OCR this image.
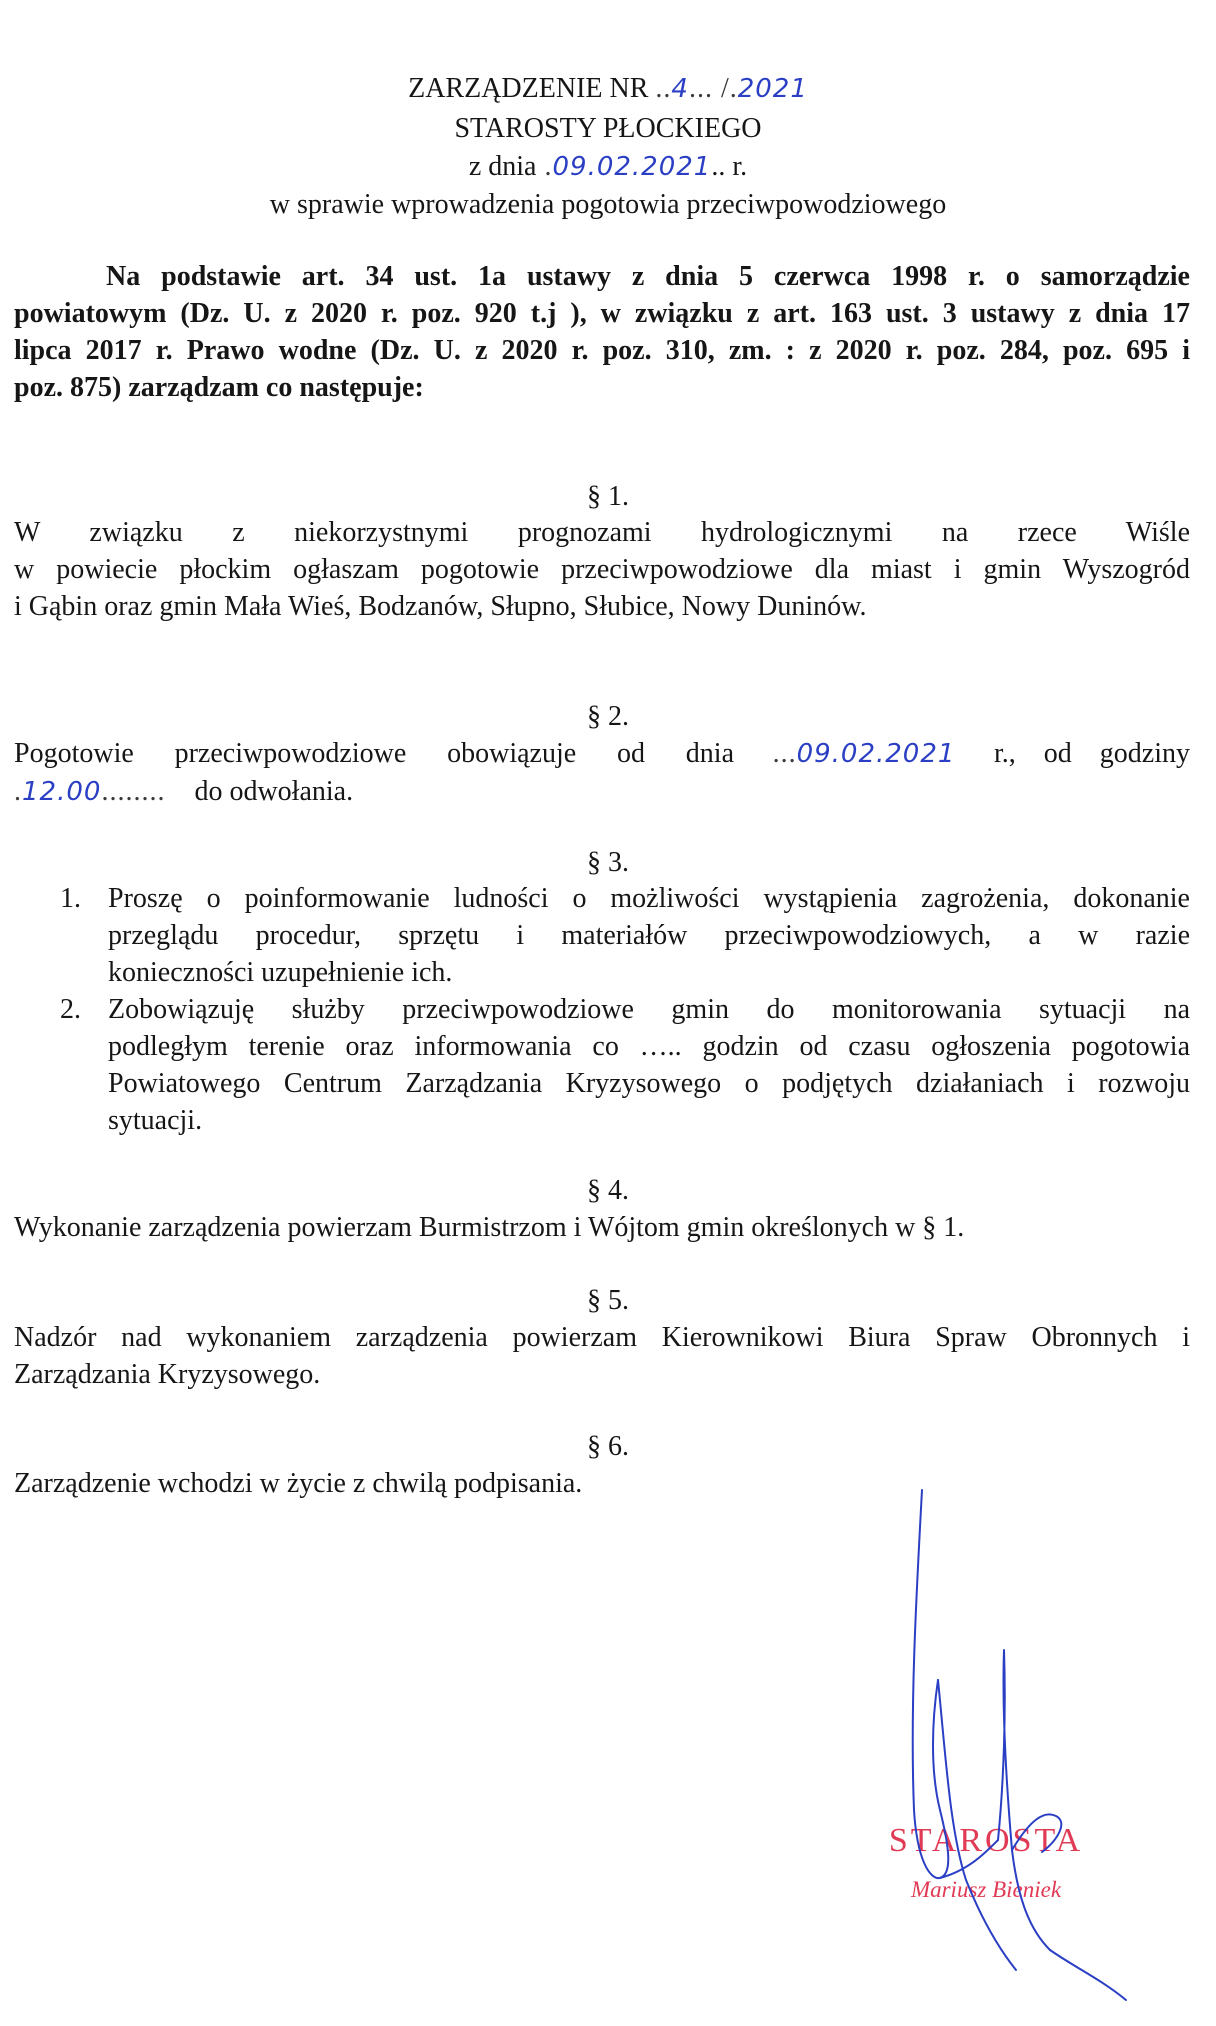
ZARZĄDZENIE NR ..4... /.2021
STAROSTY PŁOCKIEGO
z dnia .09.02.2021.. r.
w sprawie wprowadzenia pogotowia przeciwpowodziowego
Na podstawie art. 34 ust. 1a ustawy z dnia 5 czerwca 1998 r. o samorządzie
powiatowym (Dz. U. z 2020 r. poz. 920 t.j ), w związku z art. 163 ust. 3 ustawy z dnia 17
lipca 2017 r. Prawo wodne (Dz. U. z 2020 r. poz. 310, zm. : z 2020 r. poz. 284, poz. 695 i
poz. 875) zarządzam co następuje:
§ 1.
W związku z niekorzystnymi prognozami hydrologicznymi na rzece Wiśle
w powiecie płockim ogłaszam pogotowie przeciwpowodziowe dla miast i gmin Wyszogród
i Gąbin oraz gmin Mała Wieś, Bodzanów, Słupno, Słubice, Nowy Duninów.
§ 2.
Pogotowie przeciwpowodziowe obowiązuje od dnia ...09.02.2021 r., od godziny
.12.00........ do odwołania.
§ 3.
1. Proszę o poinformowanie ludności o możliwości wystąpienia zagrożenia, dokonanie
przeglądu procedur, sprzętu i materiałów przeciwpowodziowych, a w razie
konieczności uzupełnienie ich.
2. Zobowiązuję służby przeciwpowodziowe gmin do monitorowania sytuacji na
podległym terenie oraz informowania co ….. godzin od czasu ogłoszenia pogotowia
Powiatowego Centrum Zarządzania Kryzysowego o podjętych działaniach i rozwoju
sytuacji.
§ 4.
Wykonanie zarządzenia powierzam Burmistrzom i Wójtom gmin określonych w § 1.
§ 5.
Nadzór nad wykonaniem zarządzenia powierzam Kierownikowi Biura Spraw Obronnych i
Zarządzania Kryzysowego.
§ 6.
Zarządzenie wchodzi w życie z chwilą podpisania.
STAROSTA
Mariusz Bieniek
